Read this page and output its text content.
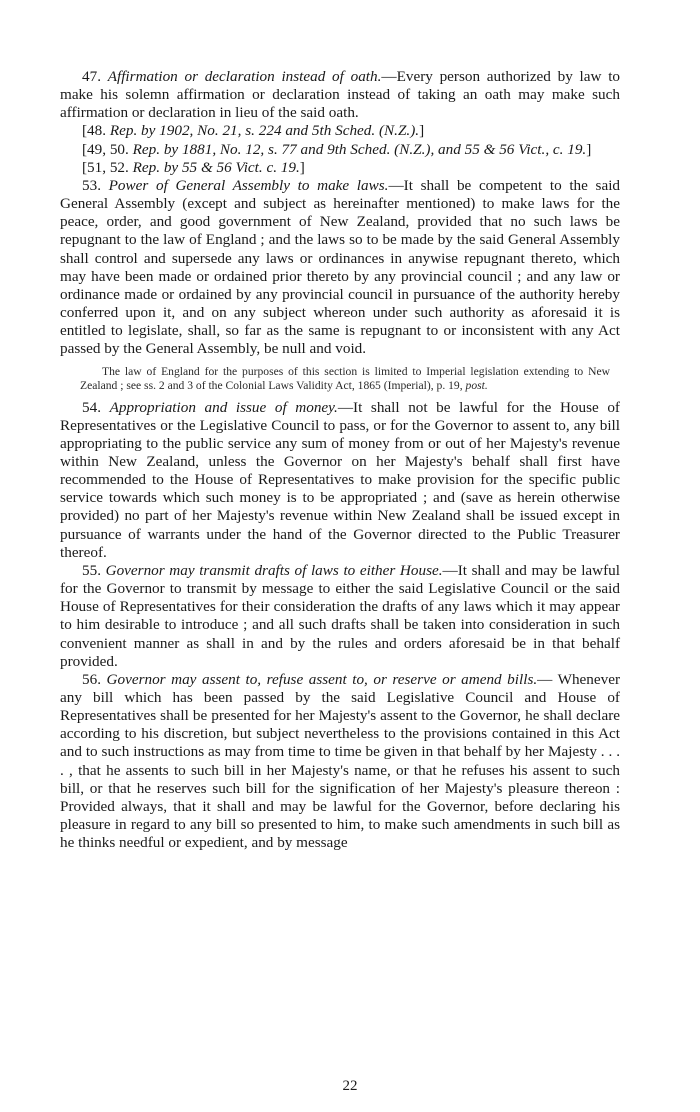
47. Affirmation or declaration instead of oath.—Every person authorized by law to make his solemn affirmation or declaration instead of taking an oath may make such affirmation or declaration in lieu of the said oath.

[48. Rep. by 1902, No. 21, s. 224 and 5th Sched. (N.Z.).]

[49, 50. Rep. by 1881, No. 12, s. 77 and 9th Sched. (N.Z.), and 55 & 56 Vict., c. 19.]

[51, 52. Rep. by 55 & 56 Vict. c. 19.]

53. Power of General Assembly to make laws.—It shall be competent to the said General Assembly (except and subject as hereinafter mentioned) to make laws for the peace, order, and good government of New Zealand, provided that no such laws be repugnant to the law of England ; and the laws so to be made by the said General Assembly shall control and supersede any laws or ordinances in anywise repugnant thereto, which may have been made or ordained prior thereto by any provincial council ; and any law or ordinance made or ordained by any provincial council in pursuance of the authority hereby conferred upon it, and on any subject whereon under such authority as aforesaid it is entitled to legislate, shall, so far as the same is repugnant to or inconsistent with any Act passed by the General Assembly, be null and void.

The law of England for the purposes of this section is limited to Imperial legislation extending to New Zealand ; see ss. 2 and 3 of the Colonial Laws Validity Act, 1865 (Imperial), p. 19, post.

54. Appropriation and issue of money.—It shall not be lawful for the House of Representatives or the Legislative Council to pass, or for the Governor to assent to, any bill appropriating to the public service any sum of money from or out of her Majesty's revenue within New Zealand, unless the Governor on her Majesty's behalf shall first have recommended to the House of Representatives to make provision for the specific public service towards which such money is to be appropriated ; and (save as herein otherwise provided) no part of her Majesty's revenue within New Zealand shall be issued except in pursuance of warrants under the hand of the Governor directed to the Public Treasurer thereof.

55. Governor may transmit drafts of laws to either House.—It shall and may be lawful for the Governor to transmit by message to either the said Legislative Council or the said House of Representatives for their consideration the drafts of any laws which it may appear to him desirable to introduce ; and all such drafts shall be taken into consideration in such convenient manner as shall in and by the rules and orders aforesaid be in that behalf provided.

56. Governor may assent to, refuse assent to, or reserve or amend bills.— Whenever any bill which has been passed by the said Legislative Council and House of Representatives shall be presented for her Majesty's assent to the Governor, he shall declare according to his discretion, but subject nevertheless to the provisions contained in this Act and to such instructions as may from time to time be given in that behalf by her Majesty . . . . , that he assents to such bill in her Majesty's name, or that he refuses his assent to such bill, or that he reserves such bill for the signification of her Majesty's pleasure thereon : Provided always, that it shall and may be lawful for the Governor, before declaring his pleasure in regard to any bill so presented to him, to make such amendments in such bill as he thinks needful or expedient, and by message

22
